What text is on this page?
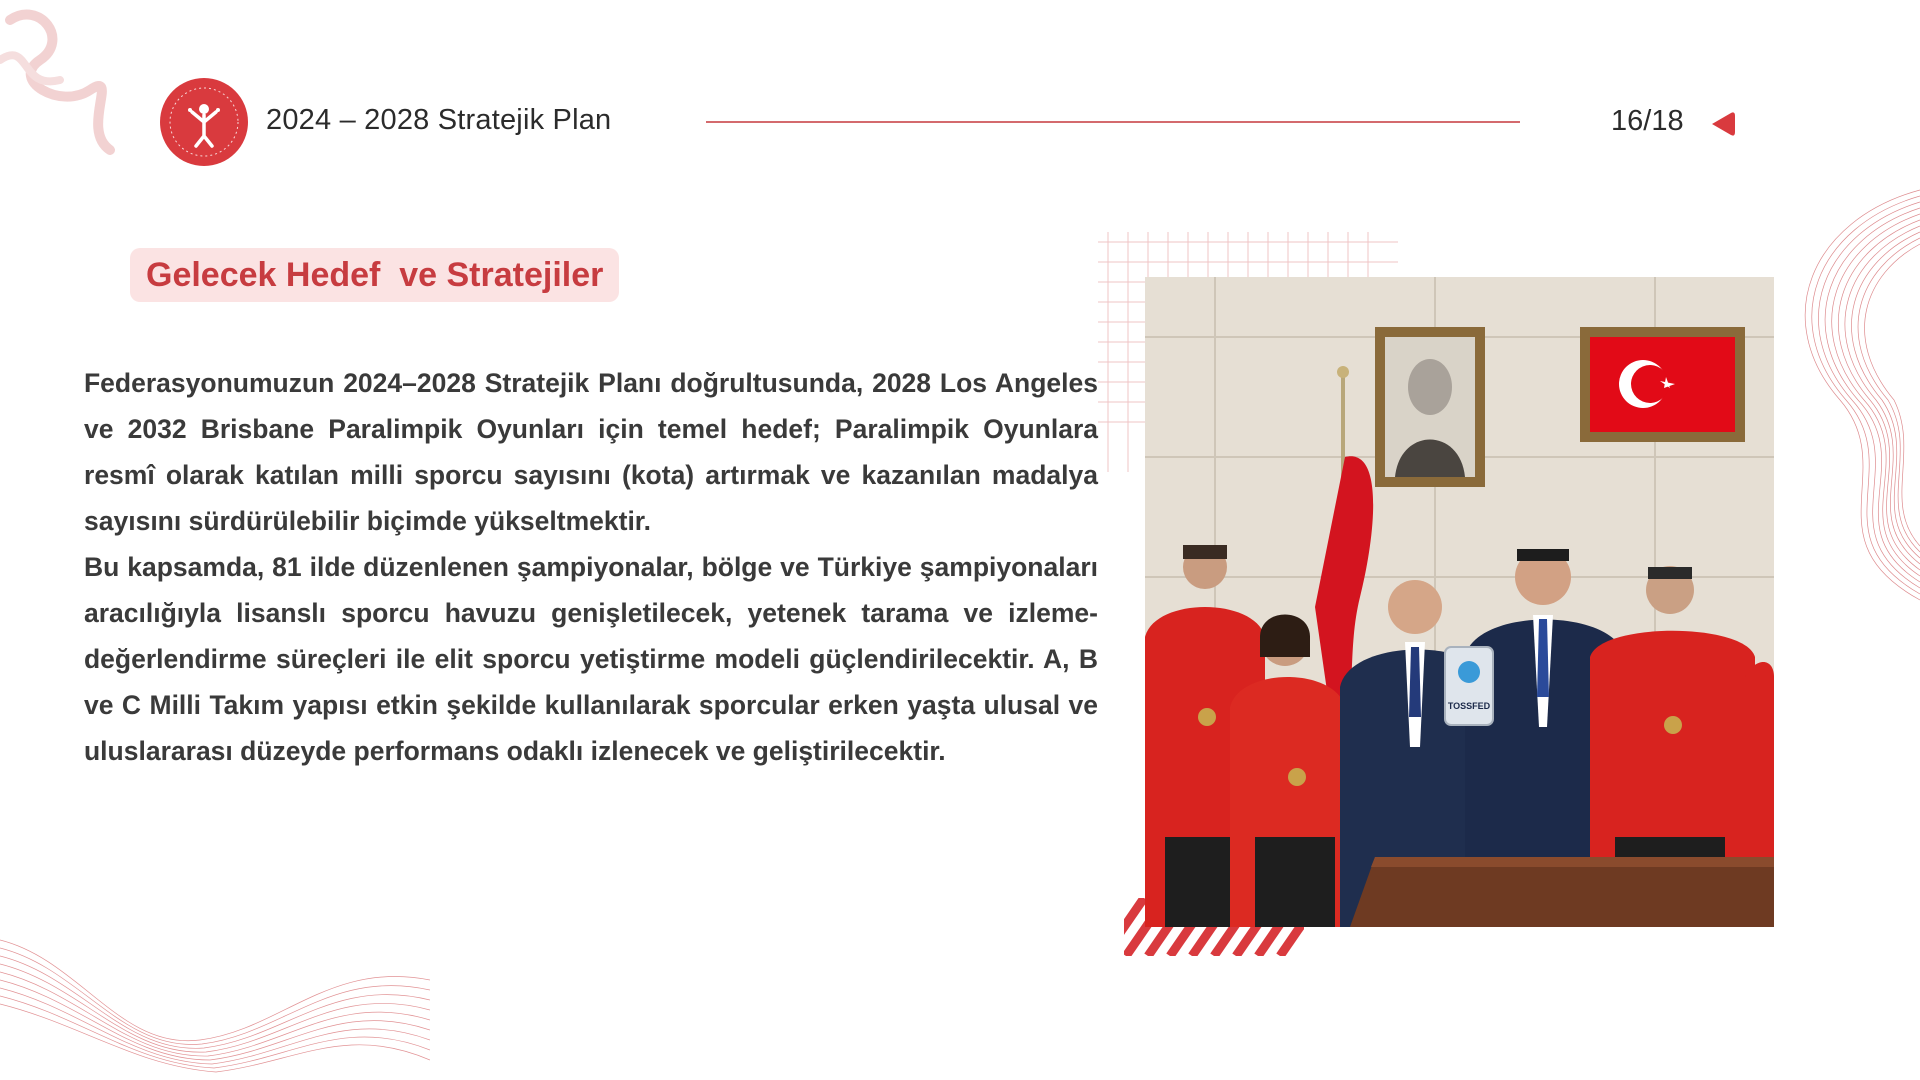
2024 – 2028 Stratejik Plan	16/18
Gelecek Hedef  ve Stratejiler

Federasyonumuzun 2024–2028 Stratejik Planı doğrultusunda, 2028 Los Angeles ve 2032 Brisbane Paralimpik Oyunları için temel hedef; Paralimpik Oyunlara resmî olarak katılan milli sporcu sayısını (kota) artırmak ve kazanılan madalya sayısını sürdürülebilir biçimde yükseltmektir.

Bu kapsamda, 81 ilde düzenlenen şampiyonalar, bölge ve Türkiye şampiyonaları aracılığıyla lisanslı sporcu havuzu genişletilecek, yetenek tarama ve izleme-değerlendirme süreçleri ile elit sporcu yetiştirme modeli güçlendirilecektir. A, B ve C Milli Takım yapısı etkin şekilde kullanılarak sporcular erken yaşta ulusal ve uluslararası düzeyde performans odaklı izlenecek ve geliştirilecektir.

TOSSFED
